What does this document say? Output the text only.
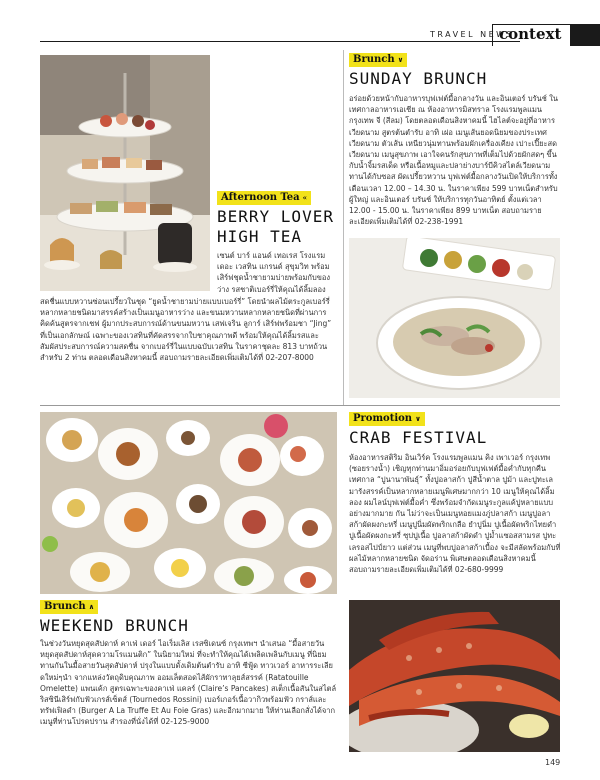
TRAVEL NEWS
context
Afternoon Tea «
BERRY LOVER
HIGH TEA
เซนต์ บาร์ แอนด์ เทอเรส โรงแรม เดอะ เวสทิน แกรนด์ สุขุมวิท พร้อม เสิร์ฟชุดน้ำชายามบ่ายพร้อมกับของว่าง รสชาติเบอร์รี่ให้คุณได้ลิ้มลอง
สดชื่นแบบหวานซ่อนเปรี้ยวในชุด “ยูดน้ำชายามบ่ายแบบเบอร์รี่” โดยนำผลไม้ตระกูลเบอร์รี่หลากหลายชนิดมาสรรค์สร้างเป็นเมนูอาหารว่าง และขนมหวานหลากหลายชนิดที่ผ่านการคิดค้นสูตรจากเชฟ ผู้มากประสบการณ์ด้านขนมหวาน เสฟเจริน ลูการ์ เสิร์ฟพร้อมชา “Jing” ที่เป็นเอกลักษณ์ เฉพาะของเวสทินที่คัดสรรจากใบชาคุณภาพดี พร้อมให้คุณได้ลิ้มรสและสัมผัสประสบการณ์ความสดชื่น จากเบอร์รี่ในแบบฉบับเวสทิน ในราคาชุดละ 813 บาทถ้วน สำหรับ 2 ท่าน ตลอดเดือนสิงหาคมนี้ สอบถามรายละเอียดเพิ่มเติมได้ที่ 02-207-8000
Brunch ∨
SUNDAY BRUNCH
อร่อยด้วยหน้ากับอาหารบุฟเฟต์มื้อกลางวัน และอินเตอร์ บรันช์ ใน เทศกาลอาหารเอเชีย ณ ห้องอาหารมิสทราล โรงแรมพูลแมน กรุงเทพ จี (สีลม) โดยตลอดเดือนสิงหาคมนี้ ไฮไลต์จะอยู่ที่อาหารเวียดนาม สูตรต้นตำรับ อาทิ เฝอ เมนูเส้นยอดนิยมของประเทศเวียดนาม ตัวเส้น เหนียวนุ่มทานพร้อมผักเครื่องเคียง เปาะเปี๊ยะสดเวียดนาม เมนูสุขภาพ เอาใจคนรักสุขภาพที่เต็มไปด้วยผักสดๆ ขึ้นกับน้ำจิ้มรสเด็ด หรือเนื้อหมูและปลาย่างบาร์บีคิวสไตล์เวียดนามทานได้กับซอส ผัดเปรี้ยวหวาน บุฟเฟต์มื้อกลางวันเปิดให้บริการทั้งเดือนเวลา 12.00 – 14.30 น. ในราคาเพียง 599 บาทเน็ตสำหรับผู้ใหญ่ และอินเตอร์ บรันช์ ให้บริการทุกวันอาทิตย์ ตั้งแต่เวลา 12.00 - 15.00 น. ในราคาเพียง 899 บาทเน็ต สอบถามรายละเอียดเพิ่มเติมได้ที่ 02-238-1991
Brunch ∧
WEEKEND BRUNCH
ในช่วงวันหยุดสุดสัปดาห์ คาเฟ่ เดอร์ ไอเร็มเลิส เรสซิเดนซ์ กรุงเทพฯ นำเสนอ “มื้อสายวันหยุดสุดสัปดาห์สุดความโรแมนติก” ในนิยามใหม่ ที่จะทำให้คุณได้เพลิดเพลินกับเมนู ที่นิยมทานกันในมื้อสายวันสุดสัปดาห์ ปรุงในแบบดั้งเดิมต้นตำรับ อาทิ ซีฟู้ด ทาวเวอร์ อาหารระเลียดใหม่ๆนำ จากแหล่งวัตถุดิบคุณภาพ ออมเล็ตสอดไส้ผักราทาลุยส์สรรค์ (Ratatouille Omelette) แพนเค้ก สูตรเฉพาะของคาเฟ่ แคลร์ (Claire’s Pancakes) สเต็กเนื้อสันในสไตล์ริสซินีเสิร์ฟกับฟัวเกรส์เซ็ตส์ (Tournedos Rossini) เบอร์เกอร์เนื้อวากิวพร้อมฟัว กราส์และทรัฟเฟิลดำ (Burger A La Truffe Et Au Foie Gras) และอีกมากมาย ให้ท่านเลือกสั่งได้จากเมนูที่ท่านโปรดปราน สำรองที่นั่งได้ที่ 02-125-9000
Promotion ∨
CRAB FESTIVAL
ห้องอาหารสติริม อินเวิร์ค โรงแรมพูลแมน คิง เพาเวอร์ กรุงเทพ (ซอยรางน้ำ) เชิญทุกท่านมาอิ่มอร่อยกับบุฟเฟต์มื้อค่ำกับทุกคืน เทศกาล “ปูนานาพันธุ์” ทั้งปูอลาสก้า ปูสีน้ำตาล ปูม้า และปูทะเล มารังสรรค์เป็นหลากหลายเมนูพิเศษมากกว่า 10 เมนูให้คุณได้ลิ้มลอง ผมไลน์บุฟเฟต์มื้อค่ำ ซึ่งพร้อมจำกัดเมนูระกูลแค้ปูหลายแบบอย่างมากมาย กัน ไม่ว่าจะเป็นเมนูหอยแมงภู่ปลาสก้า เมนูปูอลาสก้าผัดผงกะหรี่ เมนูปูนิ่มผัดพริกเกลือ ยำปูนิ่ม ปูเนื้อผัดพริกไทยดำ ปูเนื้อผัดผงกะหรี่ ซุปปูเนื้อ ปูอลาสก้าผัดดำ ปูม้ำเเซอสสามรส ปูทะเลรอสไปป์ยาว แต่ส่วน เมนูที่พบปูอลาสก้าเบื้อง จะมีสลัดพร้อมกับที่ผลไม้หลากหลายชนิด จัดอร่าน พิเศษตลอดเดือนสิงหาคมนี้ สอบถามรายละเอียดเพิ่มเติมได้ที่ 02-680-9999
149
